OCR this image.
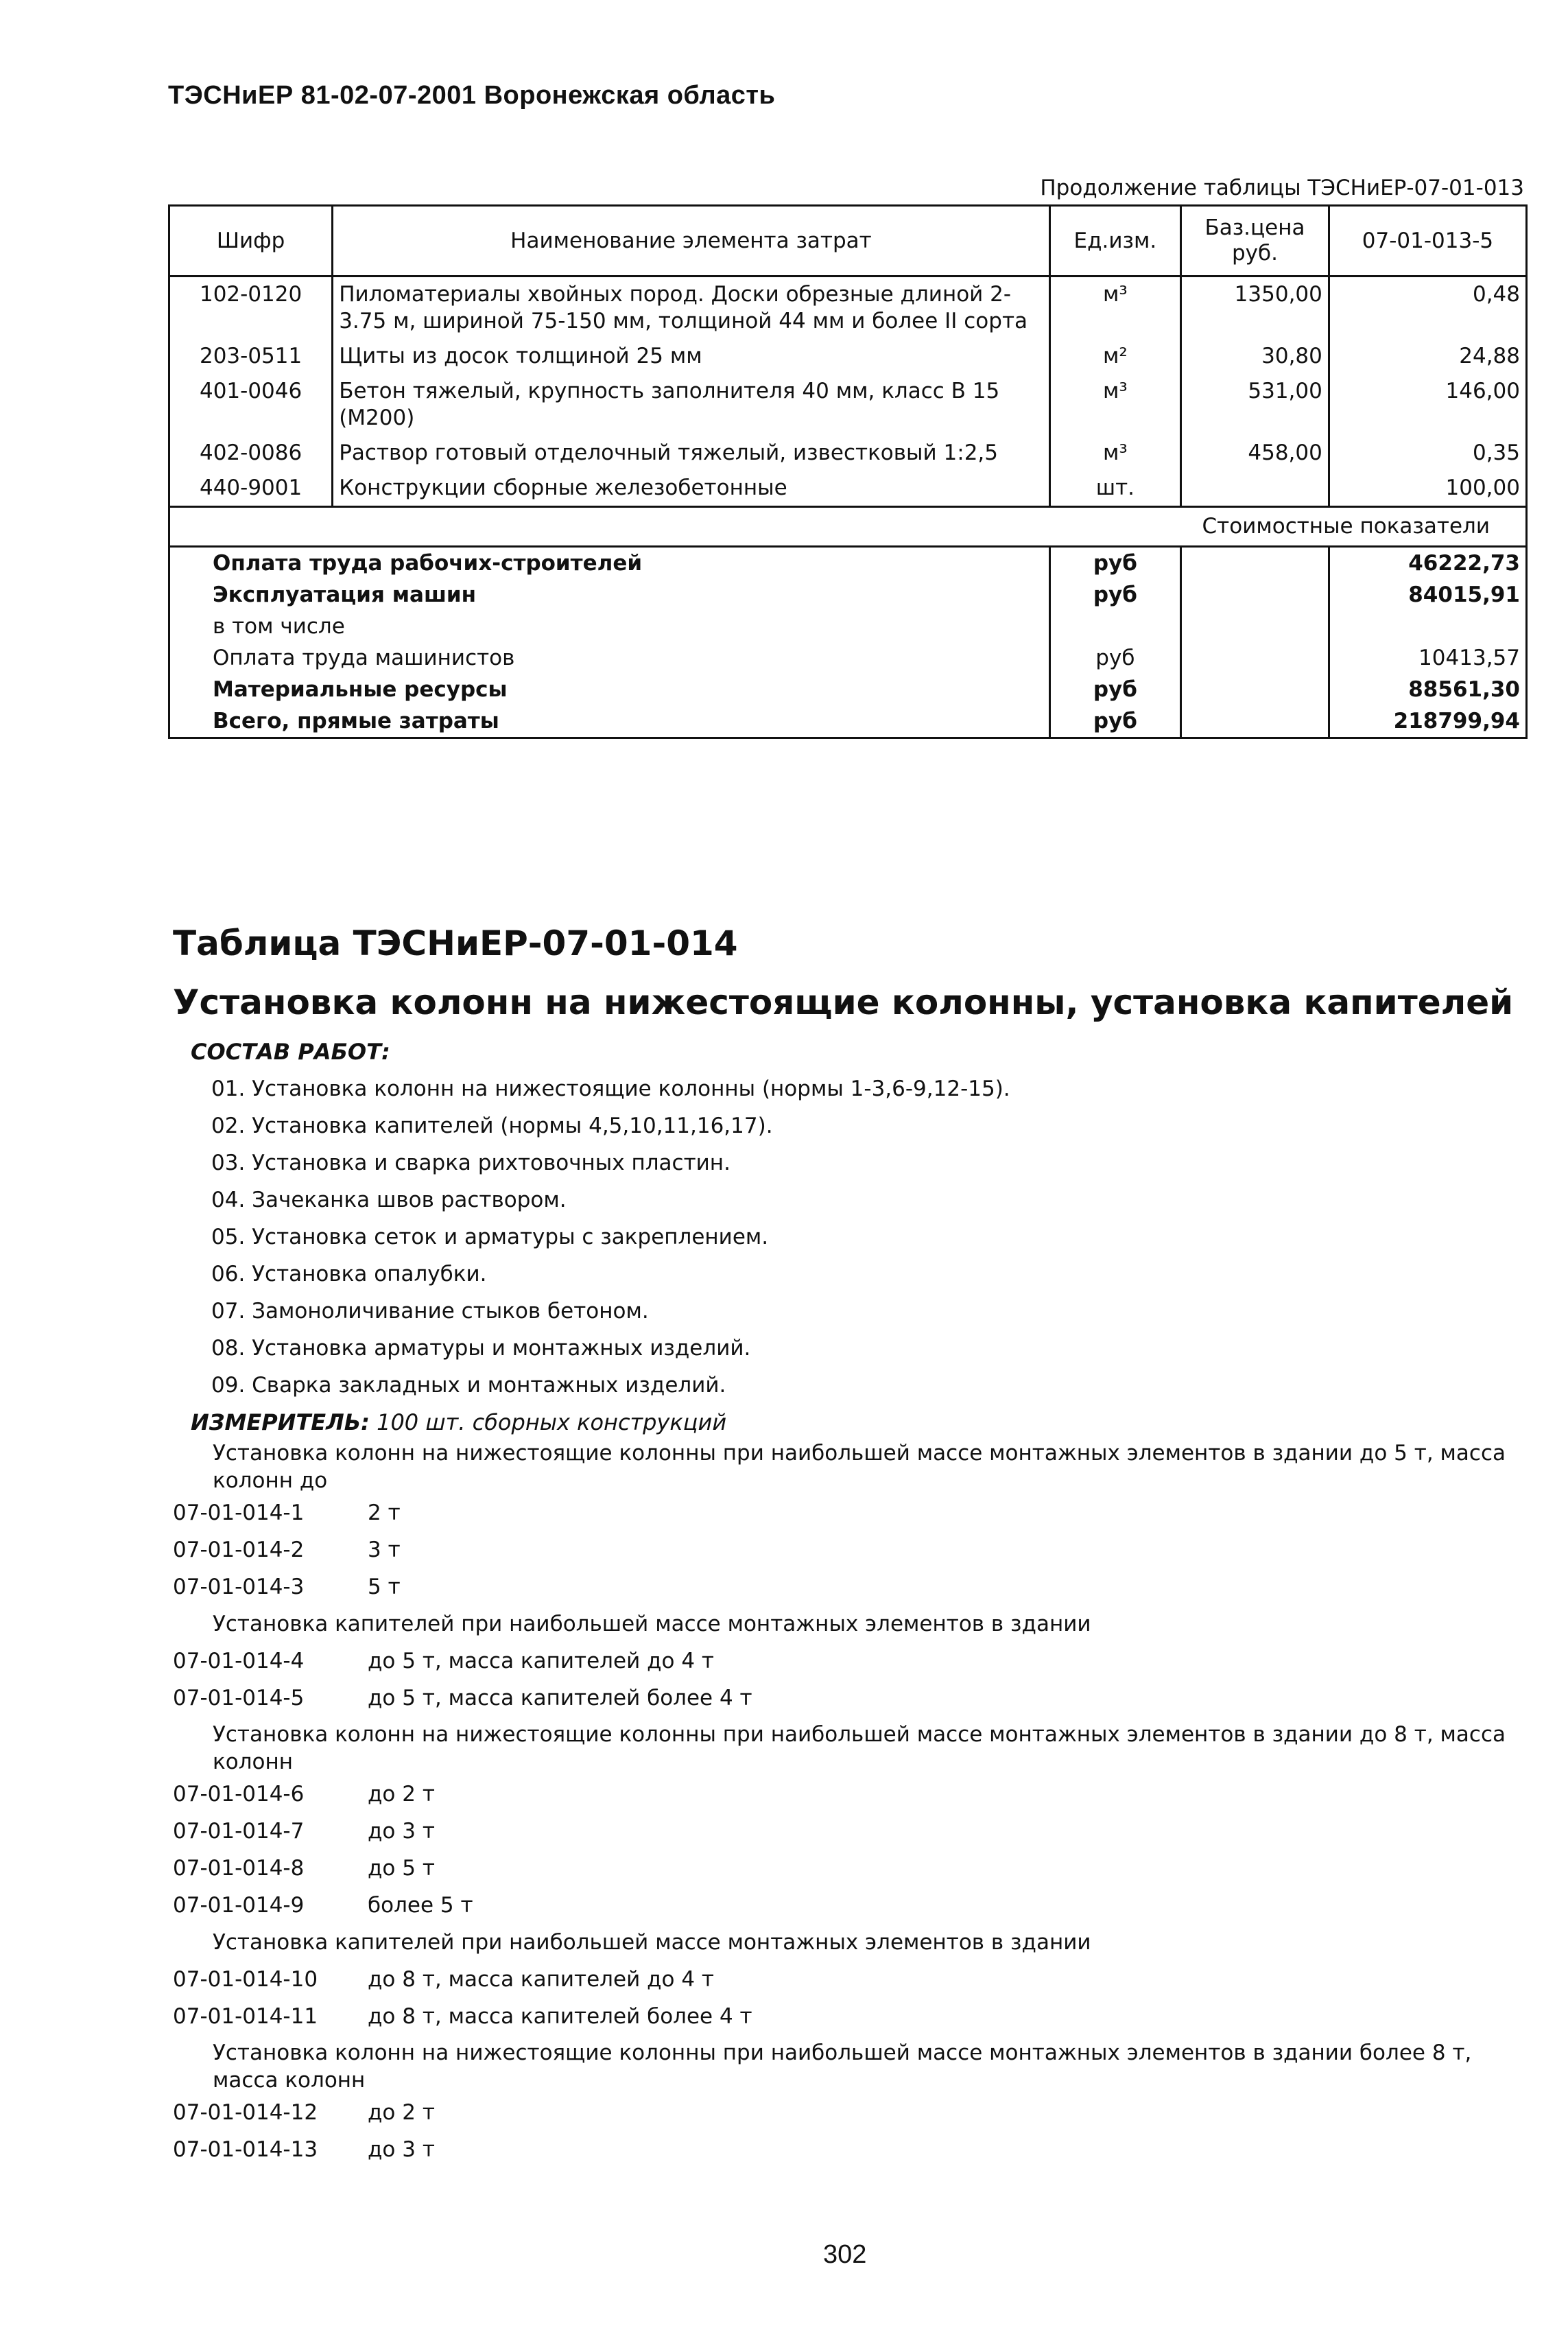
ТЭСНиЕР 81-02-07-2001 Воронежская область
Продолжение таблицы ТЭСНиЕР-07-01-013
Шифр	Наименование элемента затрат	Ед.изм.	Баз.цена руб.	07-01-013-5
102-0120	Пиломатериалы хвойных пород. Доски обрезные длиной 2-3.75 м, шириной 75-150 мм, толщиной 44 мм и более II сорта	м³	1350,00	0,48
203-0511	Щиты из досок толщиной 25 мм	м²	30,80	24,88
401-0046	Бетон тяжелый, крупность заполнителя 40 мм, класс В 15 (М200)	м³	531,00	146,00
402-0086	Раствор готовый отделочный тяжелый, известковый 1:2,5	м³	458,00	0,35
440-9001	Конструкции сборные железобетонные	шт.		100,00
Стоимостные показатели				
Оплата труда рабочих-строителей		руб		46222,73
Эксплуатация машин		руб		84015,91
в том числе				
Оплата труда машинистов		руб		10413,57
Материальные ресурсы		руб		88561,30
Всего, прямые затраты		руб		218799,94
Таблица ТЭСНиЕР-07-01-014
Установка колонн на нижестоящие колонны, установка капителей
СОСТАВ РАБОТ:
01. Установка колонн на нижестоящие колонны (нормы 1-3,6-9,12-15).
02. Установка капителей (нормы 4,5,10,11,16,17).
03. Установка и сварка рихтовочных пластин.
04. Зачеканка швов раствором.
05. Установка сеток и арматуры с закреплением.
06. Установка опалубки.
07. Замоноличивание стыков бетоном.
08. Установка арматуры и монтажных изделий.
09. Сварка закладных и монтажных изделий.
ИЗМЕРИТЕЛЬ: 100 шт. сборных конструкций

Установка колонн на нижестоящие колонны при наибольшей массе монтажных элементов в здании до 5 т, масса колонн до

07-01-014-1	2 т
07-01-014-2	3 т
07-01-014-3	5 т

Установка капителей при наибольшей массе монтажных элементов в здании

07-01-014-4	до 5 т, масса капителей до 4 т
07-01-014-5	до 5 т, масса капителей более 4 т

Установка колонн на нижестоящие колонны при наибольшей массе монтажных элементов в здании до 8 т, масса колонн

07-01-014-6	до 2 т
07-01-014-7	до 3 т
07-01-014-8	до 5 т
07-01-014-9	более 5 т

Установка капителей при наибольшей массе монтажных элементов в здании

07-01-014-10	до 8 т, масса капителей до 4 т
07-01-014-11	до 8 т, масса капителей более 4 т

Установка колонн на нижестоящие колонны при наибольшей массе монтажных элементов в здании более 8 т, масса колонн

07-01-014-12	до 2 т
07-01-014-13	до 3 т
302
